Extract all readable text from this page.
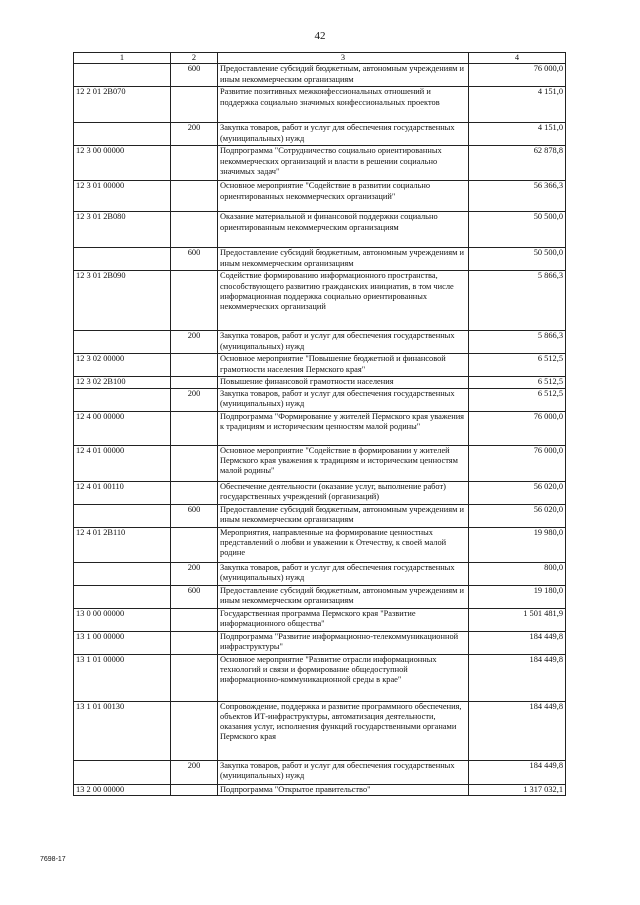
42
1	2	3	4
	600	Предоставление субсидий бюджетным, автономным учреждениям и иным некоммерческим организациям	76 000,0
12 2 01 2В070		Развитие позитивных межконфессиональных отношений и поддержка социально значимых конфессиональных проектов	4 151,0
	200	Закупка товаров, работ и услуг для обеспечения государственных (муниципальных) нужд	4 151,0
12 3 00 00000		Подпрограмма "Сотрудничество социально ориентированных некоммерческих организаций и власти в решении социально значимых задач"	62 878,8
12 3 01 00000		Основное мероприятие "Содействие в развитии социально ориентированных некоммерческих организаций"	56 366,3
12 3 01 2В080		Оказание материальной и финансовой поддержки социально ориентированным некоммерческим организациям	50 500,0
	600	Предоставление субсидий бюджетным, автономным учреждениям и иным некоммерческим организациям	50 500,0
12 3 01 2В090		Содействие формированию информационного пространства, способствующего развитию гражданских инициатив, в том числе информационная поддержка социально ориентированных некоммерческих организаций	5 866,3
	200	Закупка товаров, работ и услуг для обеспечения государственных (муниципальных) нужд	5 866,3
12 3 02 00000		Основное мероприятие "Повышение бюджетной и финансовой грамотности населения Пермского края"	6 512,5
12 3 02 2В100		Повышение финансовой грамотности населения	6 512,5
	200	Закупка товаров, работ и услуг для обеспечения государственных (муниципальных) нужд	6 512,5
12 4 00 00000		Подпрограмма "Формирование у жителей Пермского края уважения к традициям и историческим ценностям малой родины"	76 000,0
12 4 01 00000		Основное мероприятие "Содействие в формировании у жителей Пермского края уважения к традициям и историческим ценностям малой родины"	76 000,0
12 4 01 00110		Обеспечение деятельности (оказание услуг, выполнение работ) государственных учреждений (организаций)	56 020,0
	600	Предоставление субсидий бюджетным, автономным учреждениям и иным некоммерческим организациям	56 020,0
12 4 01 2В110		Мероприятия, направленные на формирование ценностных представлений о любви и уважении к Отечеству, к своей малой родине	19 980,0
	200	Закупка товаров, работ и услуг для обеспечения государственных (муниципальных) нужд	800,0
	600	Предоставление субсидий бюджетным, автономным учреждениям и иным некоммерческим организациям	19 180,0
13 0 00 00000		Государственная программа Пермского края "Развитие информационного общества"	1 501 481,9
13 1 00 00000		Подпрограмма "Развитие информационно-телекоммуникационной инфраструктуры"	184 449,8
13 1 01 00000		Основное мероприятие "Развитие отрасли информационных технологий и связи и формирование общедоступной информационно-коммуникационной среды в крае"	184 449,8
13 1 01 00130		Сопровождение, поддержка и развитие программного обеспечения, объектов ИТ-инфраструктуры, автоматизация деятельности, оказания услуг, исполнения функций государственными органами Пермского края	184 449,8
	200	Закупка товаров, работ и услуг для обеспечения государственных (муниципальных) нужд	184 449,8
13 2 00 00000		Подпрограмма "Открытое правительство"	1 317 032,1
7698-17
